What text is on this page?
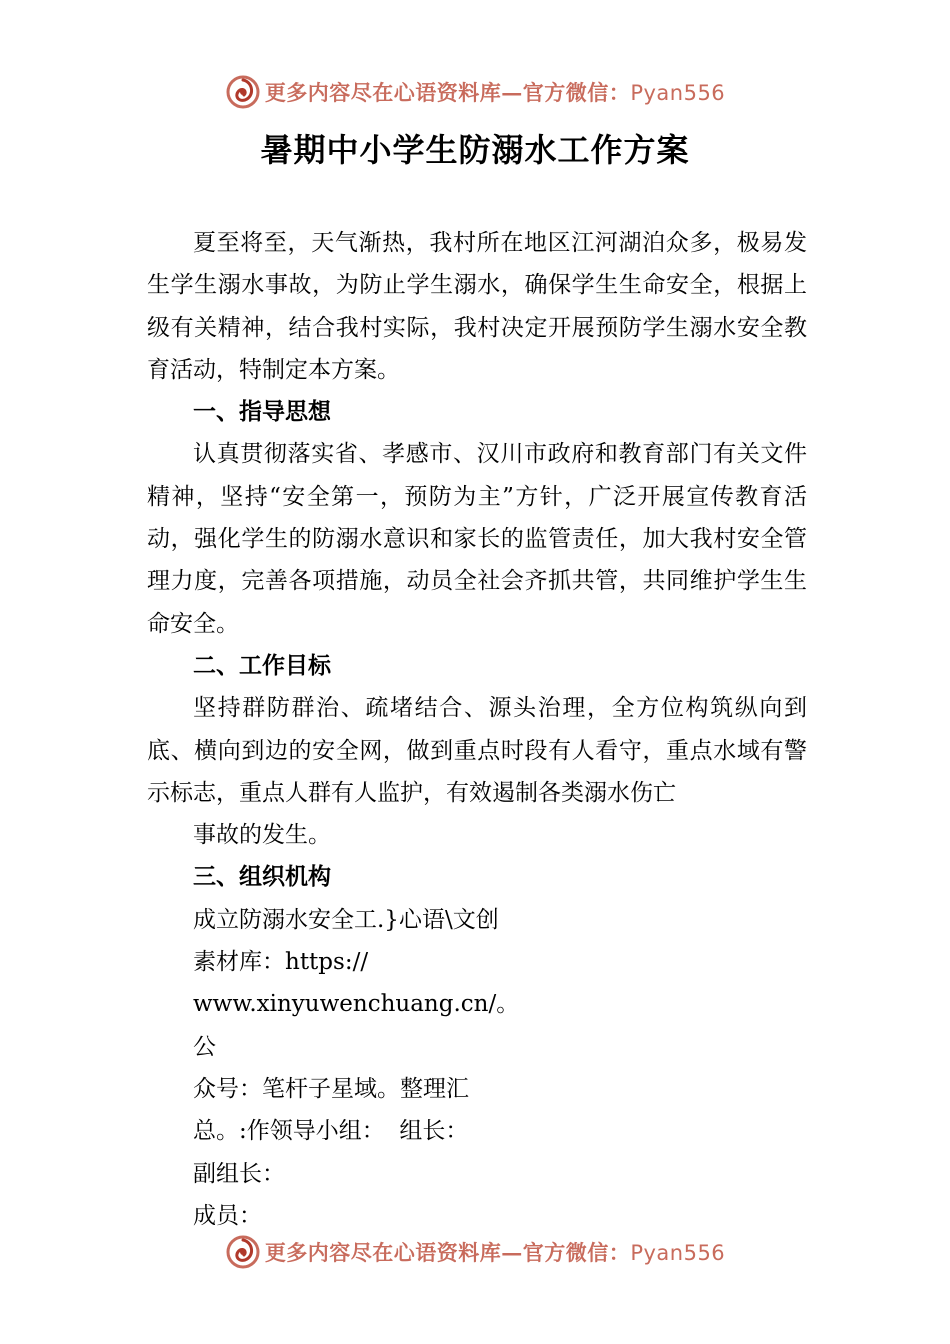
更多内容尽在心语资料库—官方微信：Pyan556
暑期中小学生防溺水工作方案

夏至将至，天气渐热，我村所在地区江河湖泊众多，极易发生学生溺水事故，为防止学生溺水，确保学生生命安全，根据上级有关精神，结合我村实际，我村决定开展预防学生溺水安全教育活动，特制定本方案。

一、指导思想

认真贯彻落实省、孝感市、汉川市政府和教育部门有关文件精神，坚持“安全第一，预防为主”方针，广泛开展宣传教育活动，强化学生的防溺水意识和家长的监管责任，加大我村安全管理力度，完善各项措施，动员全社会齐抓共管，共同维护学生生命安全。

二、工作目标

坚持群防群治、疏堵结合、源头治理，全方位构筑纵向到底、横向到边的安全网，做到重点时段有人看守，重点水域有警示标志，重点人群有人监护，有效遏制各类溺水伤亡

事故的发生。

三、组织机构

成立防溺水安全工.}心语\文创

素材库：https://

www.xinyuwenchuang.cn/。公

众号：笔杆子星域。整理汇

总。:作领导小组：  组长：

副组长：

成员：

更多内容尽在心语资料库—官方微信：Pyan556
